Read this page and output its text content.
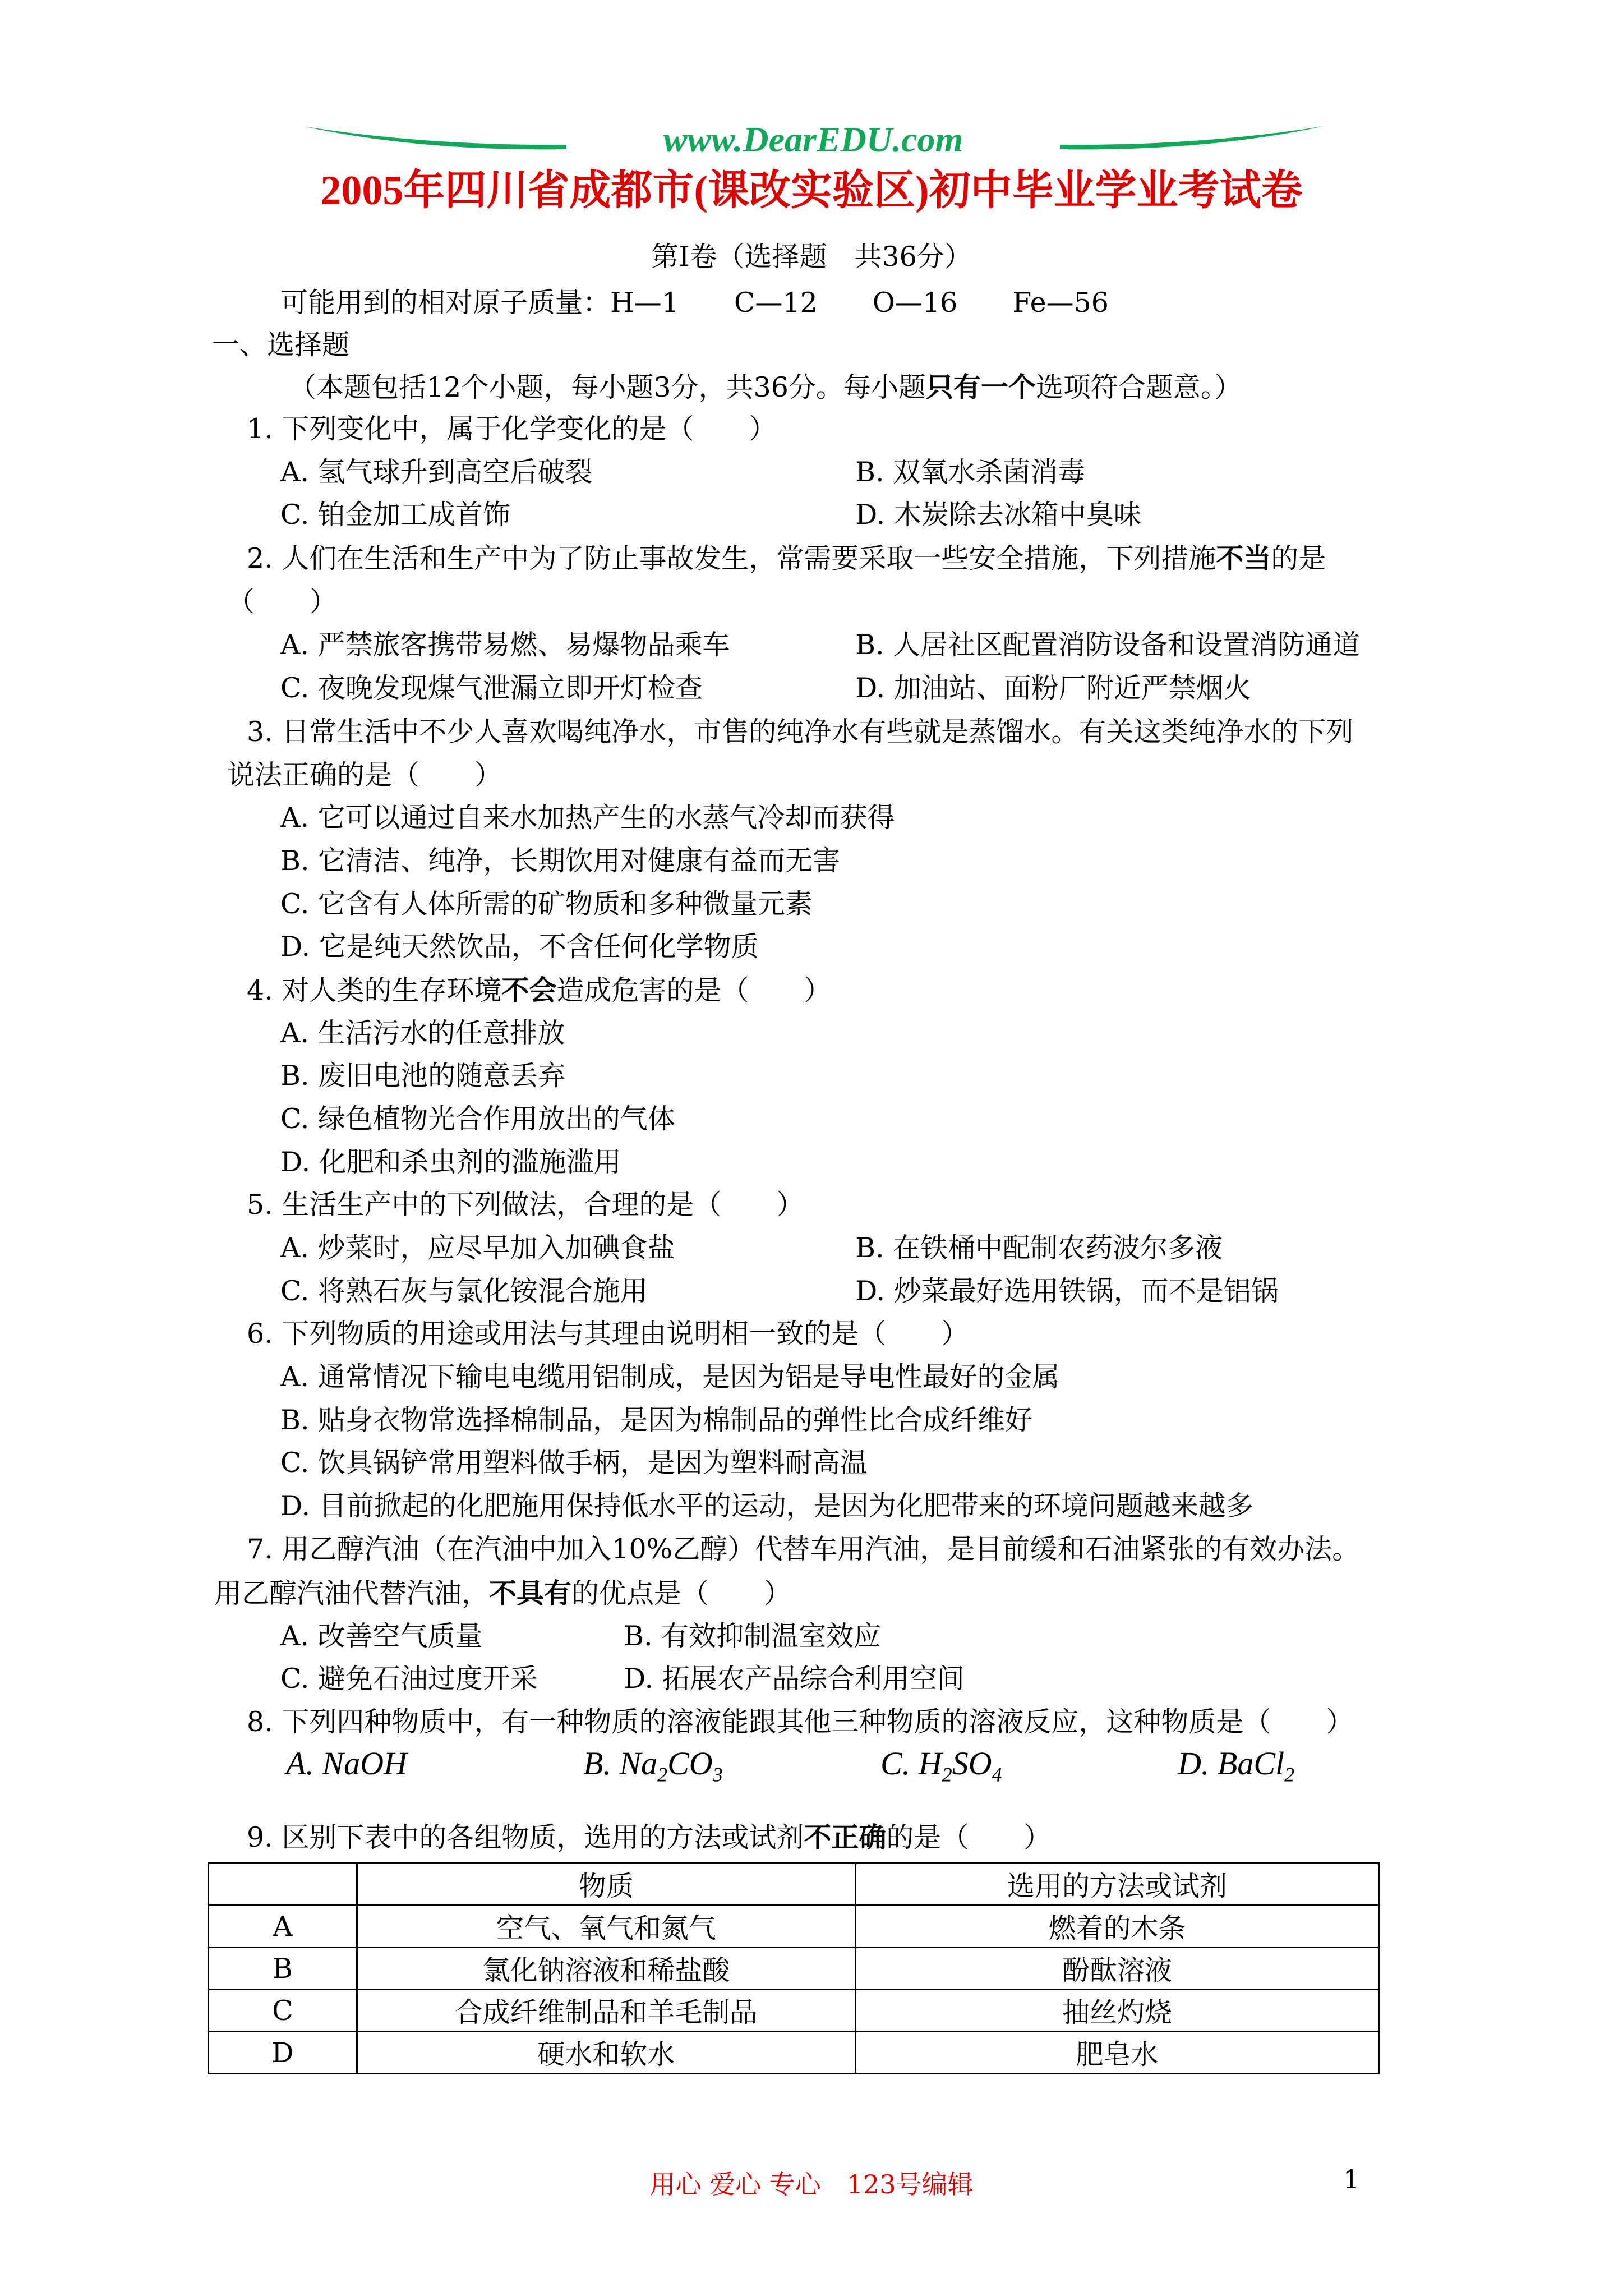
www.DearEDU.com
2005年四川省成都市(课改实验区)初中毕业学业考试卷
第I卷（选择题　共36分）
可能用到的相对原子质量：H—1　　C—12　　O—16　　Fe—56
一、选择题
（本题包括12个小题，每小题3分，共36分。每小题只有一个选项符合题意。）
1. 下列变化中，属于化学变化的是（　　）
A. 氢气球升到高空后破裂	B. 双氧水杀菌消毒
C. 铂金加工成首饰	D. 木炭除去冰箱中臭味
2. 人们在生活和生产中为了防止事故发生，常需要采取一些安全措施，下列措施不当的是
（　　）
A. 严禁旅客携带易燃、易爆物品乘车	B. 人居社区配置消防设备和设置消防通道
C. 夜晚发现煤气泄漏立即开灯检查	D. 加油站、面粉厂附近严禁烟火
3. 日常生活中不少人喜欢喝纯净水，市售的纯净水有些就是蒸馏水。有关这类纯净水的下列
说法正确的是（　　）
A. 它可以通过自来水加热产生的水蒸气冷却而获得
B. 它清洁、纯净，长期饮用对健康有益而无害
C. 它含有人体所需的矿物质和多种微量元素
D. 它是纯天然饮品，不含任何化学物质
4. 对人类的生存环境不会造成危害的是（　　）
A. 生活污水的任意排放
B. 废旧电池的随意丢弃
C. 绿色植物光合作用放出的气体
D. 化肥和杀虫剂的滥施滥用
5. 生活生产中的下列做法，合理的是（　　）
A. 炒菜时，应尽早加入加碘食盐	B. 在铁桶中配制农药波尔多液
C. 将熟石灰与氯化铵混合施用	D. 炒菜最好选用铁锅，而不是铝锅
6. 下列物质的用途或用法与其理由说明相一致的是（　　）
A. 通常情况下输电电缆用铝制成，是因为铝是导电性最好的金属
B. 贴身衣物常选择棉制品，是因为棉制品的弹性比合成纤维好
C. 饮具锅铲常用塑料做手柄，是因为塑料耐高温
D. 目前掀起的化肥施用保持低水平的运动，是因为化肥带来的环境问题越来越多
7. 用乙醇汽油（在汽油中加入10%乙醇）代替车用汽油，是目前缓和石油紧张的有效办法。
用乙醇汽油代替汽油，不具有的优点是（　　）
A. 改善空气质量	B. 有效抑制温室效应
C. 避免石油过度开采	D. 拓展农产品综合利用空间
8. 下列四种物质中，有一种物质的溶液能跟其他三种物质的溶液反应，这种物质是（　　）
A. NaOH	B. $Na_2CO_3$	C. $H_2SO_4$	D. BaCl$_2$
9. 区别下表中的各组物质，选用的方法或试剂不正确的是（　　）
	物质	选用的方法或试剂
A	空气、氧气和氮气	燃着的木条
B	氯化钠溶液和稀盐酸	酚酞溶液
C	合成纤维制品和羊毛制品	抽丝灼烧
D	硬水和软水	肥皂水
用心 爱心 专心　123号编辑	1
